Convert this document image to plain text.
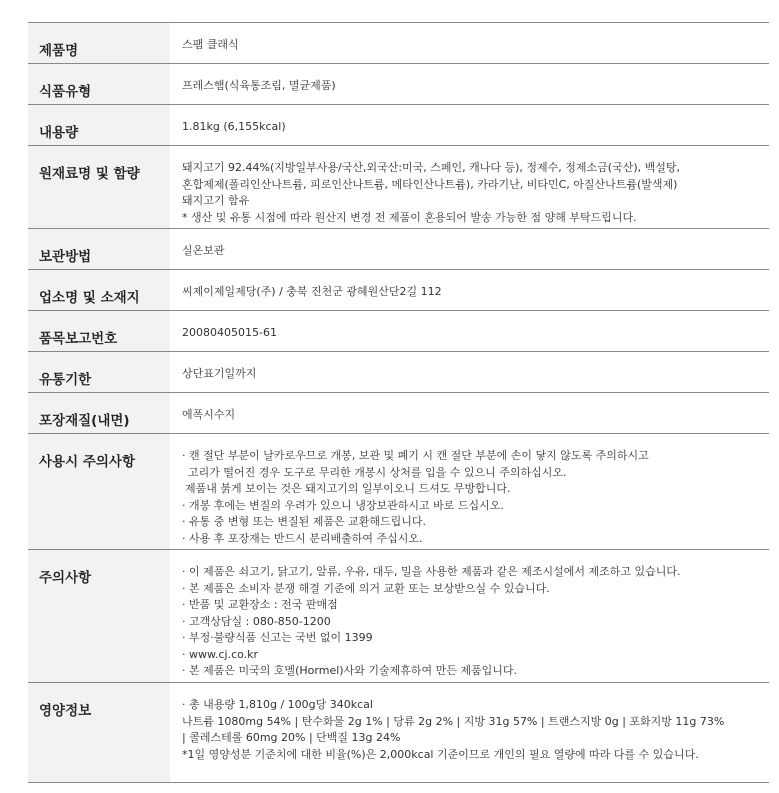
제품명	스팸 클래식
식품유형	프레스햄(식육통조림, 멸균제품)
내용량	1.81kg (6,155kcal)
원재료명 및 함량	돼지고기 92.44%(지방일부사용/국산,외국산:미국, 스페인, 캐나다 등), 정제수, 정제소금(국산), 백설탕,
혼합제제(폴리인산나트륨, 피로인산나트륨, 메타인산나트륨), 카라기난, 비타민C, 아질산나트륨(발색제)
돼지고기 함유
* 생산 및 유통 시점에 따라 원산지 변경 전 제품이 혼용되어 발송 가능한 점 양해 부탁드립니다.
보관방법	실온보관
업소명 및 소재지	씨제이제일제당(주) / 충북 진천군 광혜원산단2길 112
품목보고번호	20080405015-61
유통기한	상단표기일까지
포장재질(내면)	에폭시수지
사용시 주의사항	· 캔 절단 부분이 날카로우므로 개봉, 보관 및 폐기 시 캔 절단 부분에 손이 닿지 않도록 주의하시고
고리가 떨어진 경우 도구로 무리한 개봉시 상처를 입을 수 있으니 주의하십시오.
제품내 붉게 보이는 것은 돼지고기의 일부이오니 드셔도 무방합니다.
· 개봉 후에는 변질의 우려가 있으니 냉장보관하시고 바로 드십시오.
· 유통 중 변형 또는 변질된 제품은 교환해드립니다.
· 사용 후 포장재는 반드시 분리배출하여 주십시오.
주의사항	· 이 제품은 쇠고기, 닭고기, 알류, 우유, 대두, 밀을 사용한 제품과 같은 제조시설에서 제조하고 있습니다.
· 본 제품은 소비자 분쟁 해결 기준에 의거 교환 또는 보상받으실 수 있습니다.
· 반품 및 교환장소 : 전국 판매점
· 고객상담실 : 080-850-1200
· 부정·불량식품 신고는 국번 없이 1399
· www.cj.co.kr
· 본 제품은 미국의 호멜(Hormel)사와 기술제휴하여 만든 제품입니다.
영양정보	· 총 내용량 1,810g / 100g당 340kcal
나트륨 1080mg 54% | 탄수화물 2g 1% | 당류 2g 2% | 지방 31g 57% | 트랜스지방 0g | 포화지방 11g 73%
| 콜레스테롤 60mg 20% | 단백질 13g 24%
*1일 영양성분 기준치에 대한 비율(%)은 2,000kcal 기준이므로 개인의 필요 열량에 따라 다를 수 있습니다.
